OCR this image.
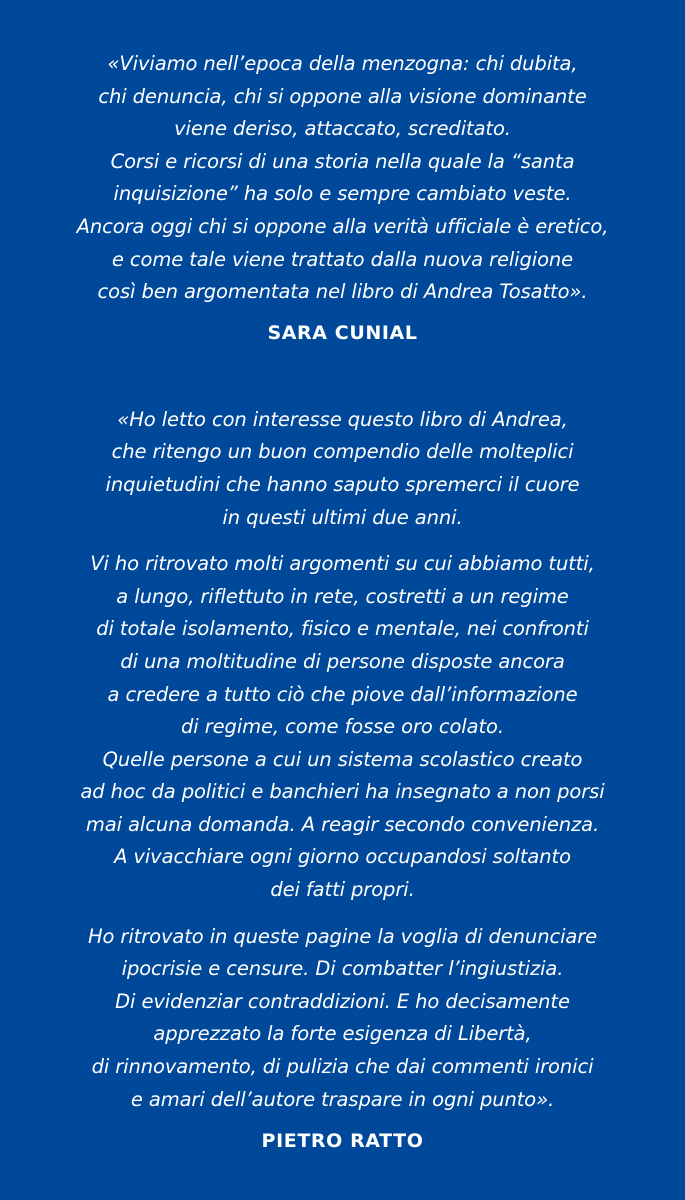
«Viviamo nell’epoca della menzogna: chi dubita,
chi denuncia, chi si oppone alla visione dominante
viene deriso, attaccato, screditato.
Corsi e ricorsi di una storia nella quale la “santa
inquisizione” ha solo e sempre cambiato veste.
Ancora oggi chi si oppone alla verità ufficiale è eretico,
e come tale viene trattato dalla nuova religione
così ben argomentata nel libro di Andrea Tosatto».

SARA CUNIAL

«Ho letto con interesse questo libro di Andrea,
che ritengo un buon compendio delle molteplici
inquietudini che hanno saputo spremerci il cuore
in questi ultimi due anni.

Vi ho ritrovato molti argomenti su cui abbiamo tutti,
a lungo, riflettuto in rete, costretti a un regime
di totale isolamento, fisico e mentale, nei confronti
di una moltitudine di persone disposte ancora
a credere a tutto ciò che piove dall’informazione
di regime, come fosse oro colato.
Quelle persone a cui un sistema scolastico creato
ad hoc da politici e banchieri ha insegnato a non porsi
mai alcuna domanda. A reagir secondo convenienza.
A vivacchiare ogni giorno occupandosi soltanto
dei fatti propri.

Ho ritrovato in queste pagine la voglia di denunciare
ipocrisie e censure. Di combatter l’ingiustizia.
Di evidenziar contraddizioni. E ho decisamente
apprezzato la forte esigenza di Libertà,
di rinnovamento, di pulizia che dai commenti ironici
e amari dell’autore traspare in ogni punto».

PIETRO RATTO
